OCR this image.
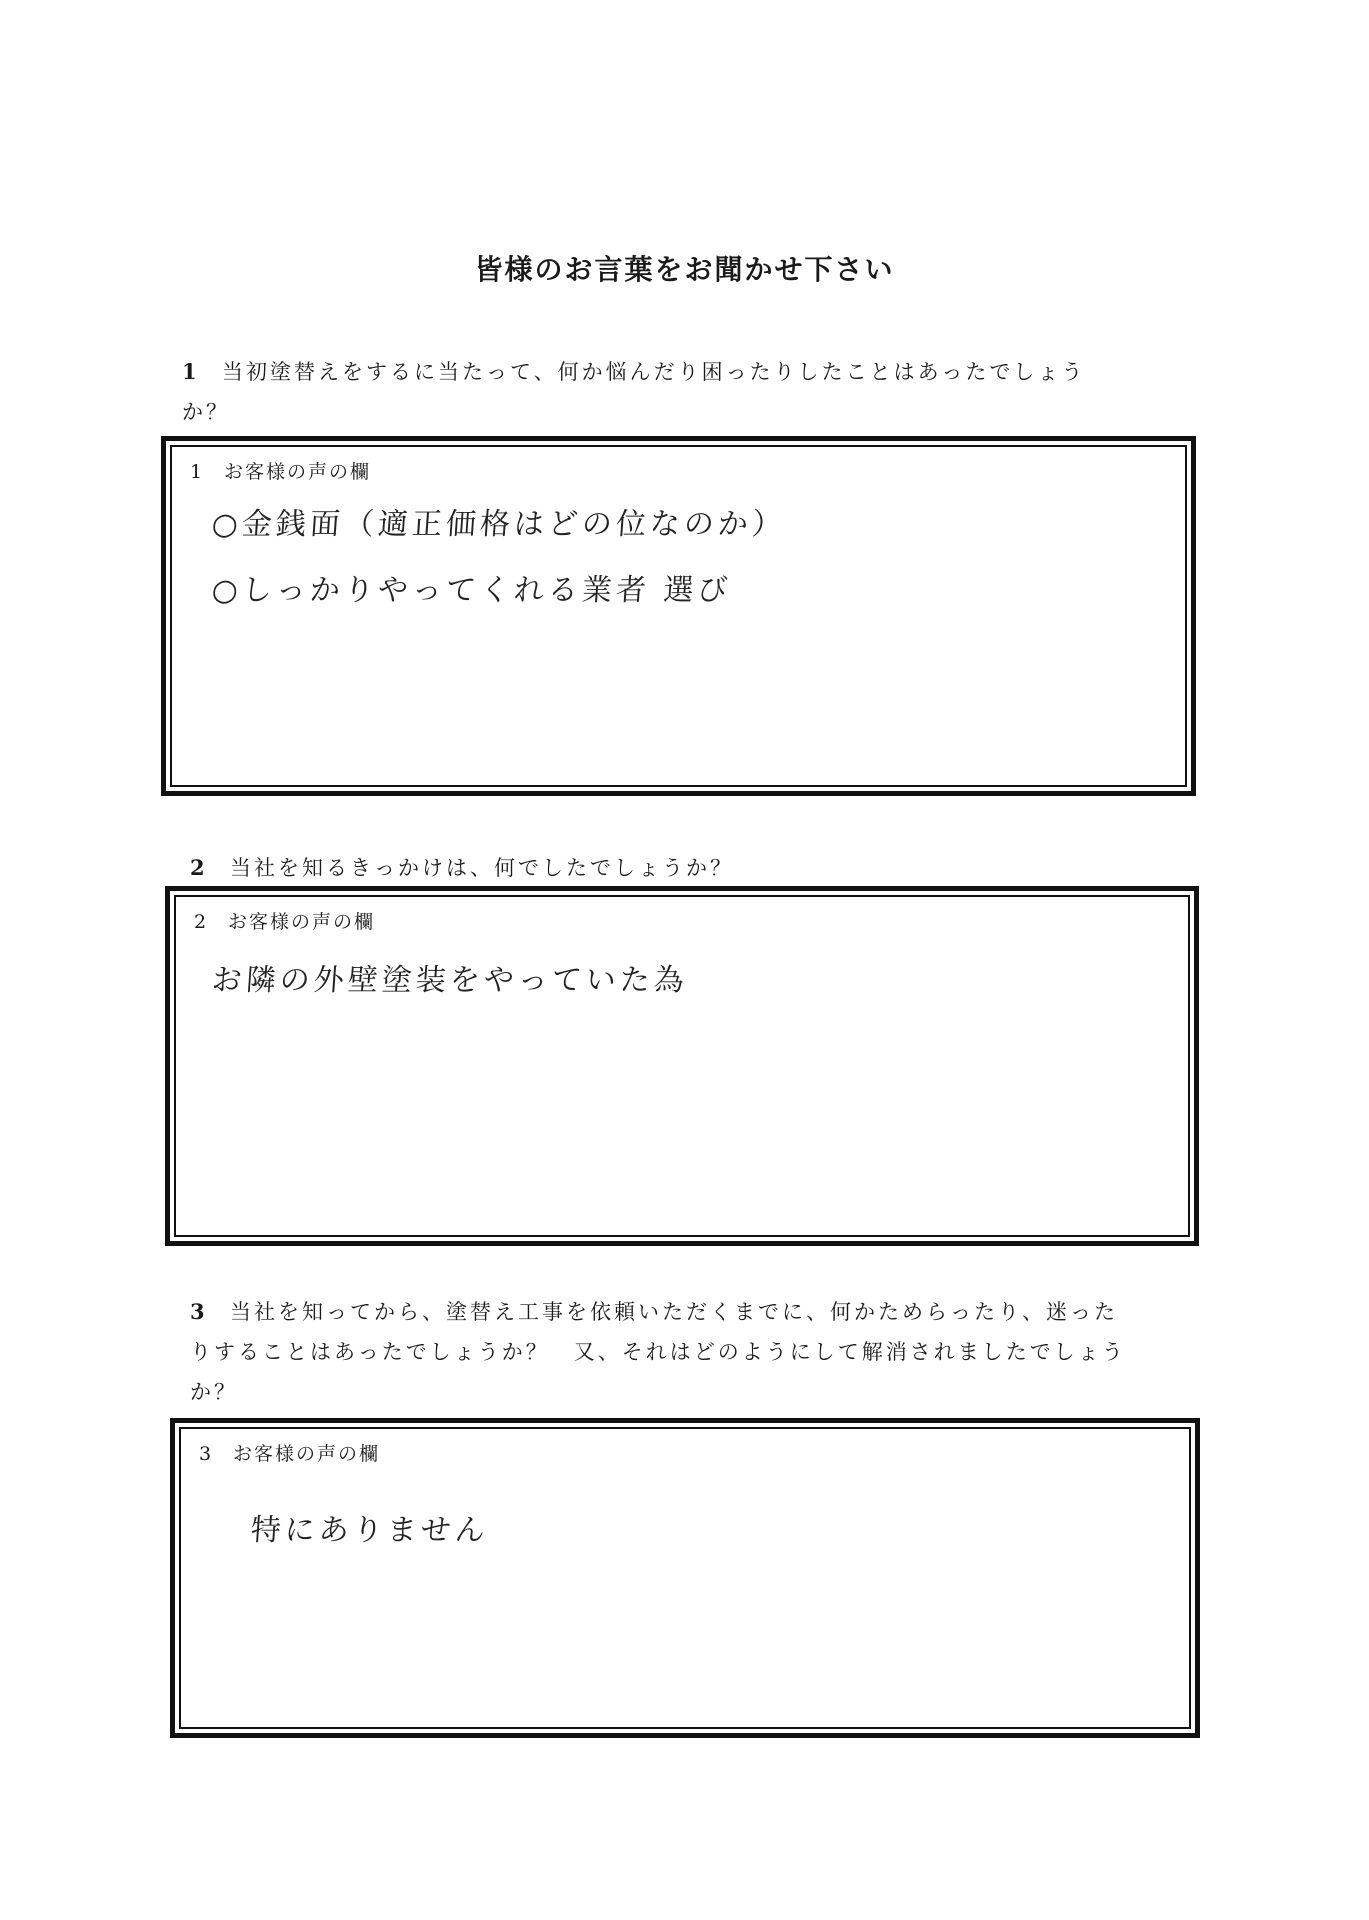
皆様のお言葉をお聞かせ下さい
1 当初塗替えをするに当たって、何か悩んだり困ったりしたことはあったでしょう
か？
1 お客様の声の欄
○金銭面（適正価格はどの位なのか）
○しっかりやってくれる業者 選び
2 当社を知るきっかけは、何でしたでしょうか？
2 お客様の声の欄
お隣の外壁塗装をやっていた為
3 当社を知ってから、塗替え工事を依頼いただくまでに、何かためらったり、迷った
りすることはあったでしょうか？　又、それはどのようにして解消されましたでしょう
か？
3 お客様の声の欄
特にありません
